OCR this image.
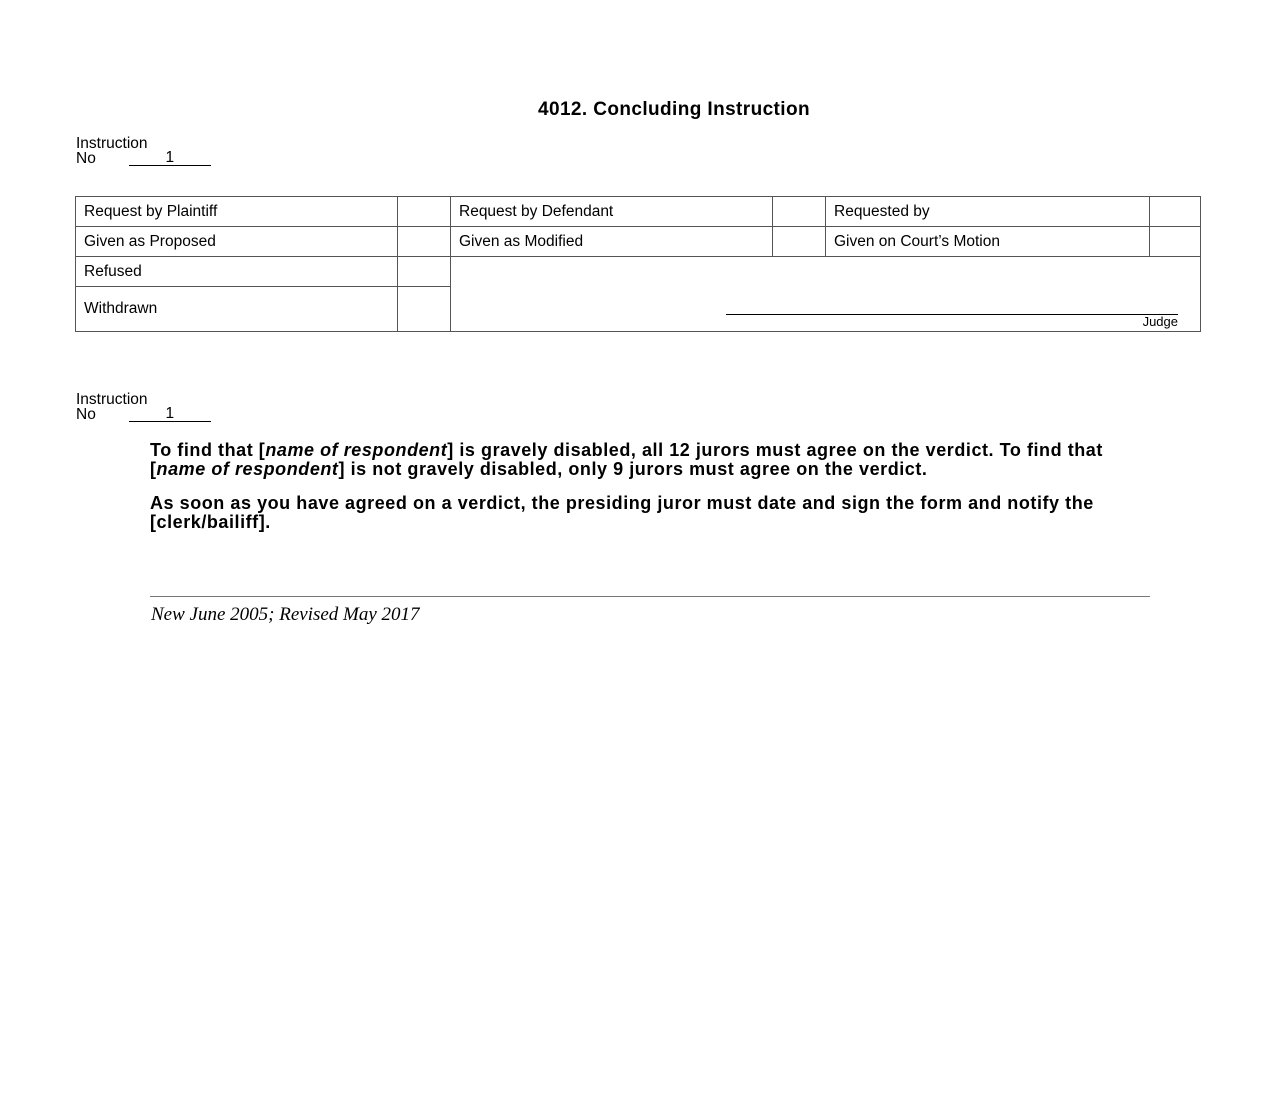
4012. Concluding Instruction
Instruction
No	1
Request by Plaintiff		Request by Defendant		Requested by	
Given as Proposed		Given as Modified		Given on Court’s Motion	
Refused		Judge			

Withdrawn					
Instruction
No	1

To find that [name of respondent] is gravely disabled, all 12 jurors must agree on the verdict. To find that [name of respondent] is not gravely disabled, only 9 jurors must agree on the verdict.

As soon as you have agreed on a verdict, the presiding juror must date and sign the form and notify the [clerk/bailiff].

New June 2005; Revised May 2017
